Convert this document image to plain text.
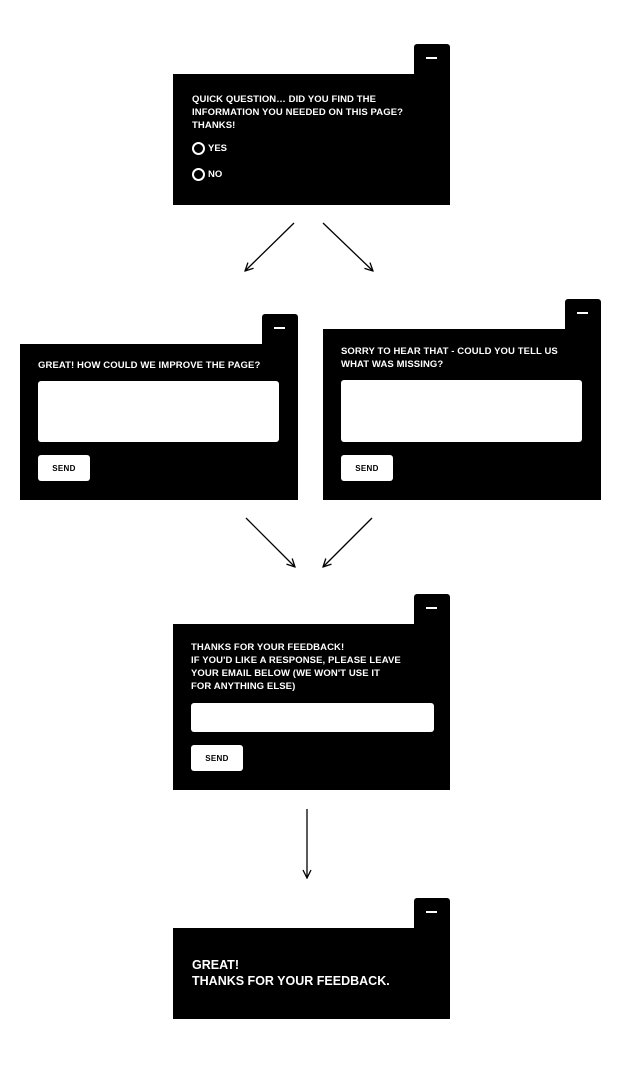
QUICK QUESTION… DID YOU FIND THE
INFORMATION YOU NEEDED ON THIS PAGE?
THANKS!
YES
NO
GREAT! HOW COULD WE IMPROVE THE PAGE?
SEND
SORRY TO HEAR THAT - COULD YOU TELL US
WHAT WAS MISSING?
SEND
THANKS FOR YOUR FEEDBACK!
IF YOU'D LIKE A RESPONSE, PLEASE LEAVE
YOUR EMAIL BELOW (WE WON'T USE IT
FOR ANYTHING ELSE)
SEND
GREAT!
THANKS FOR YOUR FEEDBACK.
